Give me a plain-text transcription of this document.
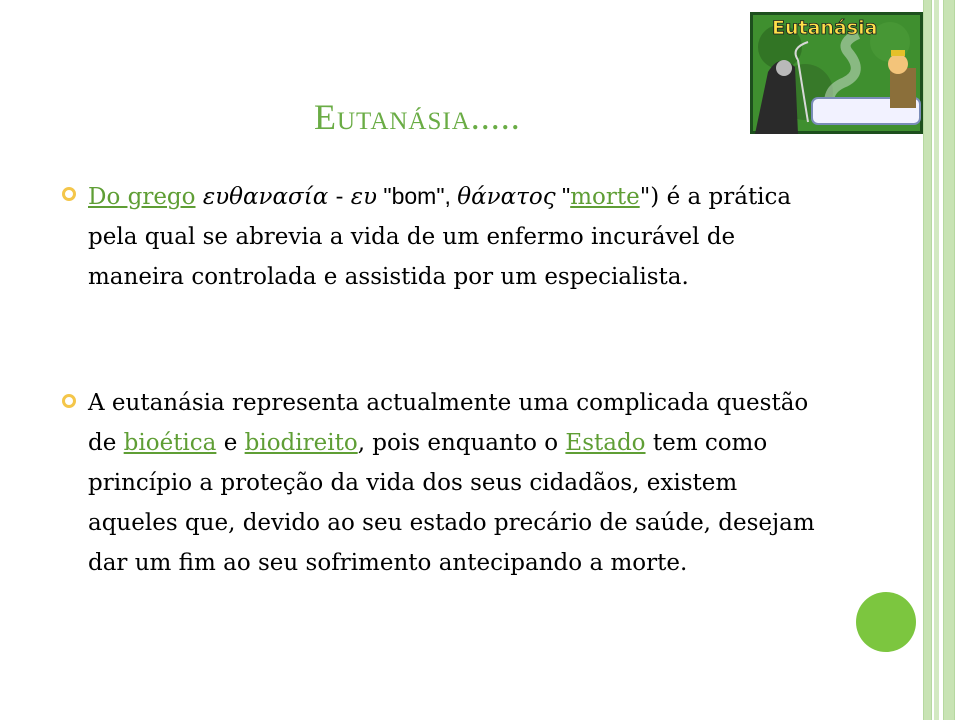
Eutanásia
Eutanásia.....
Do grego ευθανασία - ευ "bom", θάνατος "morte") é a prática pela qual se abrevia a vida de um enfermo incurável de maneira controlada e assistida por um especialista.
A eutanásia representa actualmente uma complicada questão de bioética e biodireito, pois enquanto o Estado tem como princípio a proteção da vida dos seus cidadãos, existem aqueles que, devido ao seu estado precário de saúde, desejam dar um fim ao seu sofrimento antecipando a morte.
